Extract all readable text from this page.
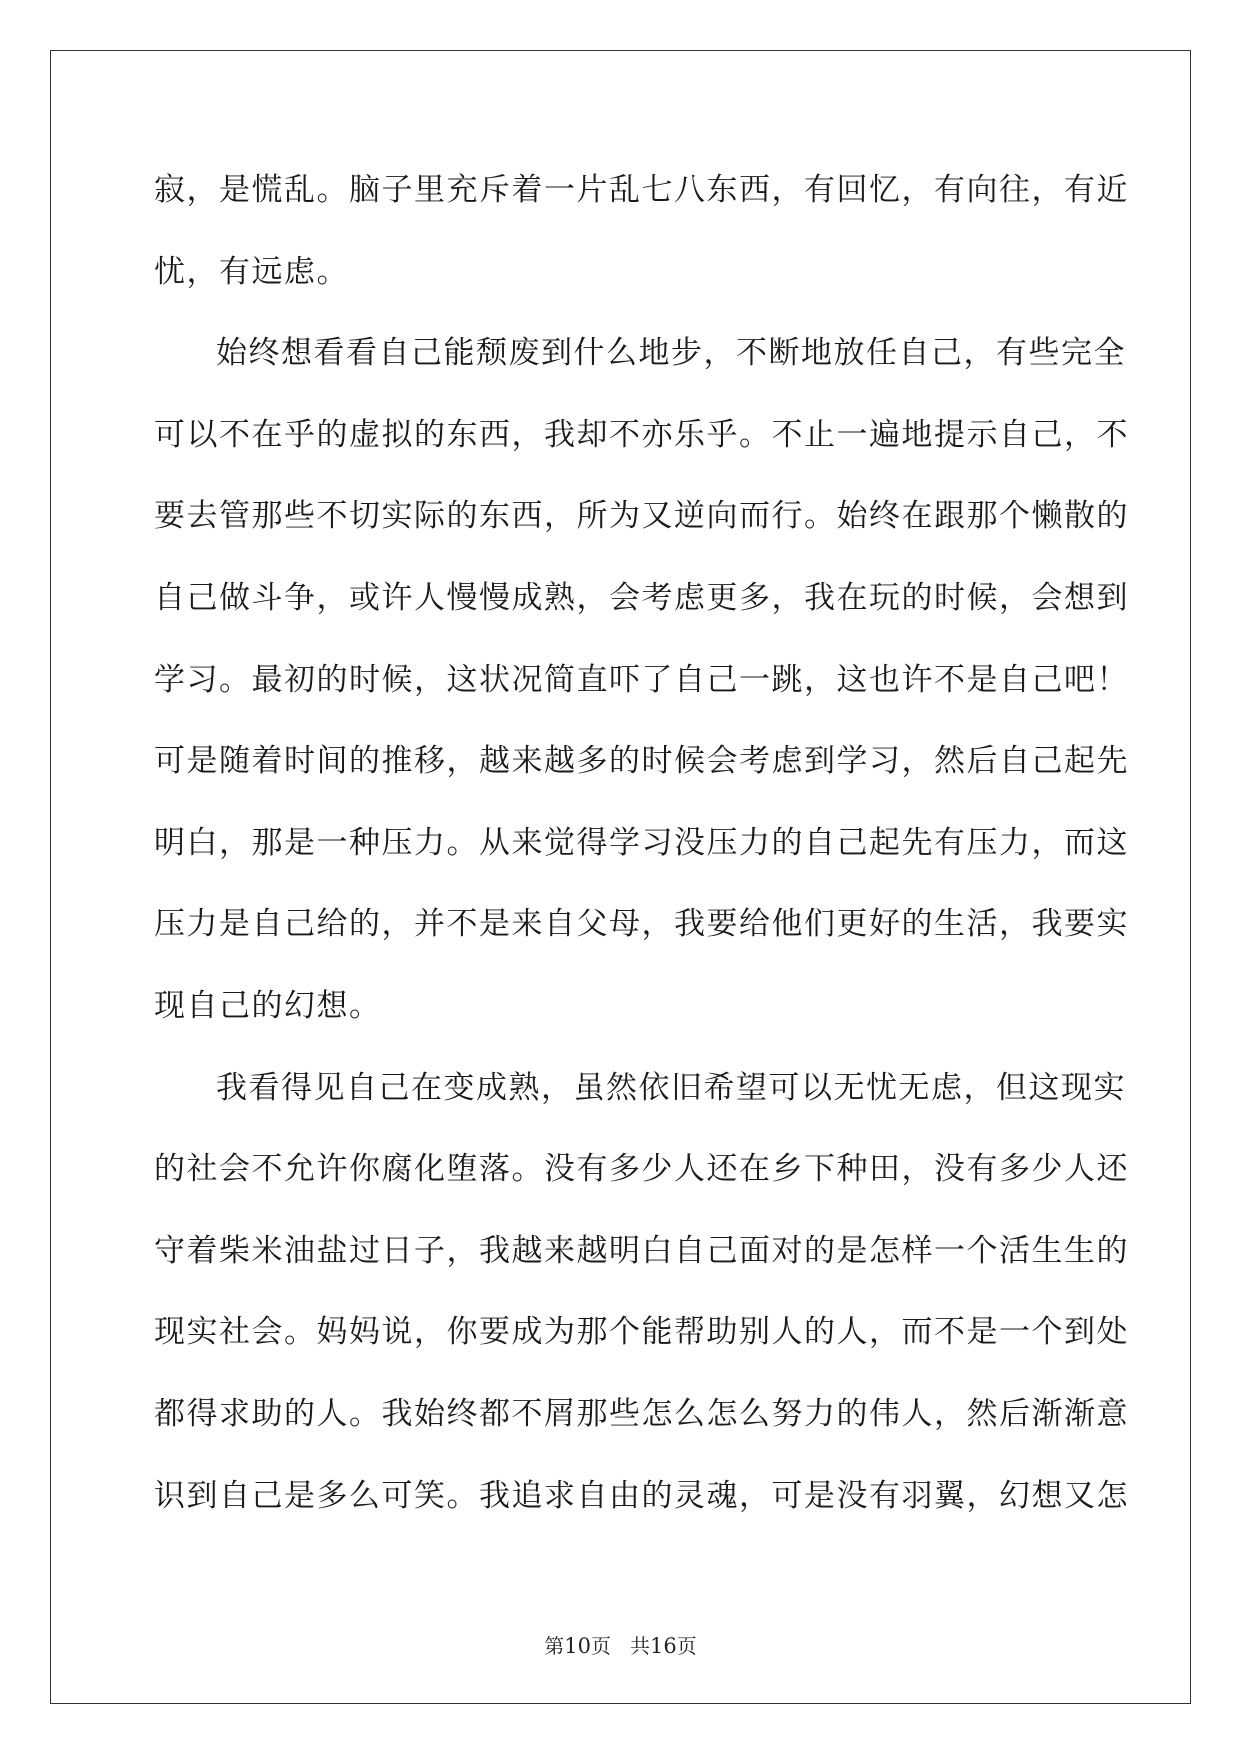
寂，是慌乱。脑子里充斥着一片乱七八东西，有回忆，有向往，有近
忧，有远虑。
始终想看看自己能颓废到什么地步，不断地放任自己，有些完全
可以不在乎的虚拟的东西，我却不亦乐乎。不止一遍地提示自己，不
要去管那些不切实际的东西，所为又逆向而行。始终在跟那个懒散的
自己做斗争，或许人慢慢成熟，会考虑更多，我在玩的时候，会想到
学习。最初的时候，这状况简直吓了自己一跳，这也许不是自己吧！
可是随着时间的推移，越来越多的时候会考虑到学习，然后自己起先
明白，那是一种压力。从来觉得学习没压力的自己起先有压力，而这
压力是自己给的，并不是来自父母，我要给他们更好的生活，我要实
现自己的幻想。
我看得见自己在变成熟，虽然依旧希望可以无忧无虑，但这现实
的社会不允许你腐化堕落。没有多少人还在乡下种田，没有多少人还
守着柴米油盐过日子，我越来越明白自己面对的是怎样一个活生生的
现实社会。妈妈说，你要成为那个能帮助别人的人，而不是一个到处
都得求助的人。我始终都不屑那些怎么怎么努力的伟人，然后渐渐意
识到自己是多么可笑。我追求自由的灵魂，可是没有羽翼，幻想又怎
第10页 共16页
